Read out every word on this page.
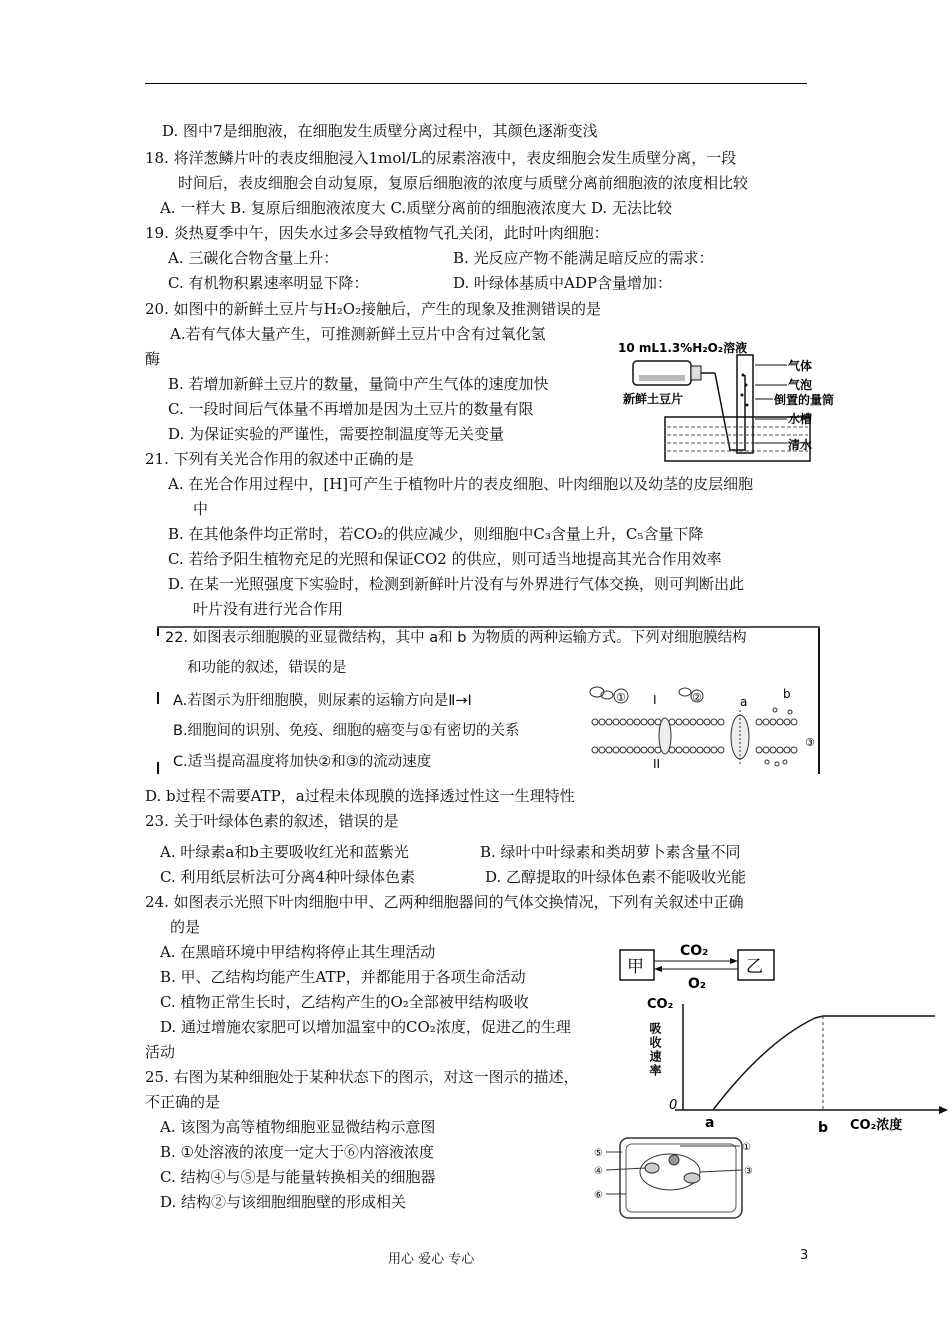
D. 图中7是细胞液，在细胞发生质壁分离过程中，其颜色逐渐变浅
18. 将洋葱鳞片叶的表皮细胞浸入1mol/L的尿素溶液中，表皮细胞会发生质壁分离，一段
时间后，表皮细胞会自动复原，复原后细胞液的浓度与质壁分离前细胞液的浓度相比较
A. 一样大 B. 复原后细胞液浓度大 C.质壁分离前的细胞液浓度大 D. 无法比较
19. 炎热夏季中午，因失水过多会导致植物气孔关闭，此时叶肉细胞：
A. 三碳化合物含量上升：	B. 光反应产物不能满足暗反应的需求：
C. 有机物积累速率明显下降：	D. 叶绿体基质中ADP含量增加：
20. 如图中的新鲜土豆片与H₂O₂接触后，产生的现象及推测错误的是
A.若有气体大量产生，可推测新鲜土豆片中含有过氧化氢
酶
B. 若增加新鲜土豆片的数量，量筒中产生气体的速度加快
C. 一段时间后气体量不再增加是因为土豆片的数量有限
D. 为保证实验的严谨性，需要控制温度等无关变量
21. 下列有关光合作用的叙述中正确的是
A. 在光合作用过程中，[H]可产生于植物叶片的表皮细胞、叶肉细胞以及幼茎的皮层细胞
中
B. 在其他条件均正常时，若CO₂的供应减少，则细胞中C₃含量上升，C₅含量下降
C. 若给予阳生植物充足的光照和保证CO2 的供应，则可适当地提高其光合作用效率
D. 在某一光照强度下实验时，检测到新鲜叶片没有与外界进行气体交换，则可判断出此
叶片没有进行光合作用
22. 如图表示细胞膜的亚显微结构，其中 a和 b 为物质的两种运输方式。下列对细胞膜结构
和功能的叙述，错误的是
A.若图示为肝细胞膜，则尿素的运输方向是Ⅱ→Ⅰ
B.细胞间的识别、免疫、细胞的癌变与①有密切的关系
C.适当提高温度将加快②和③的流动速度
D. b过程不需要ATP，a过程未体现膜的选择透过性这一生理特性
23. 关于叶绿体色素的叙述，错误的是
A. 叶绿素a和b主要吸收红光和蓝紫光	B. 绿叶中叶绿素和类胡萝卜素含量不同
C. 利用纸层析法可分离4种叶绿体色素	D. 乙醇提取的叶绿体色素不能吸收光能
24. 如图表示光照下叶肉细胞中甲、乙两种细胞器间的气体交换情况，下列有关叙述中正确
的是
A. 在黑暗环境中甲结构将停止其生理活动
B. 甲、乙结构均能产生ATP，并都能用于各项生命活动
C. 植物正常生长时，乙结构产生的O₂全部被甲结构吸收
D. 通过增施农家肥可以增加温室中的CO₂浓度，促进乙的生理
活动
25. 右图为某种细胞处于某种状态下的图示，对这一图示的描述，
不正确的是
A. 该图为高等植物细胞亚显微结构示意图
B. ①处溶液的浓度一定大于⑥内溶液浓度
C. 结构④与⑤是与能量转换相关的细胞器
D. 结构②与该细胞细胞壁的形成相关
10 mL1.3%H₂O₂溶液
新鲜土豆片
气体
气泡
倒置的量筒
水槽
清水
①	②
I
II
a
b
③
甲	乙
CO₂
O₂
CO₂
吸收速率
0
a	b CO₂浓度
⑤
④
⑥
①
③
用心 爱心 专心	3
